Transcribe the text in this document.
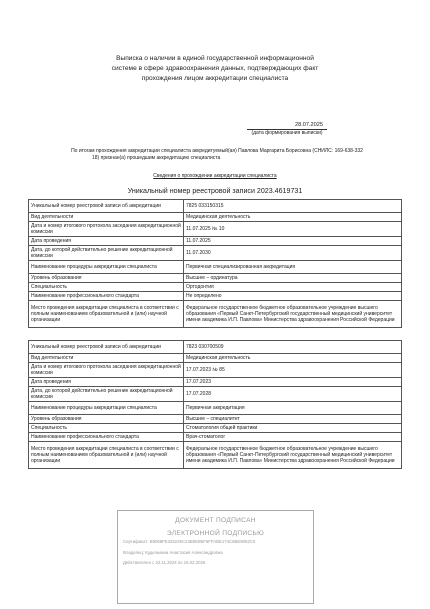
Выписка о наличии в единой государственной информационной
системе в сфере здравоохранения данных, подтверждающих факт
прохождения лицом аккредитации специалиста
28.07.2025
(дата формирования выписки)
По итогам прохождения аккредитации специалиста аккредитуемый(ая) Павлова Маргарита Борисовна (СНИЛС: 169-638-332
18) признан(а) прошедшим аккредитацию специалиста
Сведения о прохождении аккредитации специалиста
Уникальный номер реестровой записи 2023.4619731
Уникальный номер реестровой записи об аккредитации	7825 033150315
Вид деятельности	Медицинская деятельность
Дата и номер итогового протокола заседания аккредитационной комиссии	11.07.2025 № 10
Дата проведения	11.07.2025
Дата, до которой действительно решение аккредитационной комиссии	11.07.2030
Наименование процедуры аккредитации специалиста	Первичная специализированная аккредитация
Уровень образования	Высшее – ординатура
Специальность	Ортодонтия
Наименование профессионального стандарта	Не определено
Место проведения аккредитации специалиста в соответствии с полным наименованием образовательной и (или) научной организации	Федеральное государственное бюджетное образовательное учреждение высшего образования «Первый Санкт-Петербургский государственный медицинский университет имени академика И.П. Павлова» Министерства здравоохранения Российской Федерации
Уникальный номер реестровой записи об аккредитации	7823 030700509
Вид деятельности	Медицинская деятельность
Дата и номер итогового протокола заседания аккредитационной комиссии	17.07.2023 № 85
Дата проведения	17.07.2023
Дата, до которой действительно решение аккредитационной комиссии	17.07.2028
Наименование процедуры аккредитации специалиста	Первичная аккредитация
Уровень образования	Высшее – специалитет
Специальность	Стоматология общей практики
Наименование профессионального стандарта	Врач-стоматолог
Место проведения аккредитации специалиста в соответствии с полным наименованием образовательной и (или) научной организации	Федеральное государственное бюджетное образовательное учреждение высшего образования «Первый Санкт-Петербургский государственный медицинский университет имени академика И.П. Павлова» Министерства здравоохранения Российской Федерации
ДОКУМЕНТ ПОДПИСАН
ЭЛЕКТРОННОЙ ПОДПИСЬЮ
Сертификат: B9068FE325235C24B0EB5F6FFABE174C8BE9052C0
Владелец: Куделькина Анастасия Александровна
Действителен с 22.11.2024 по 15.02.2026
